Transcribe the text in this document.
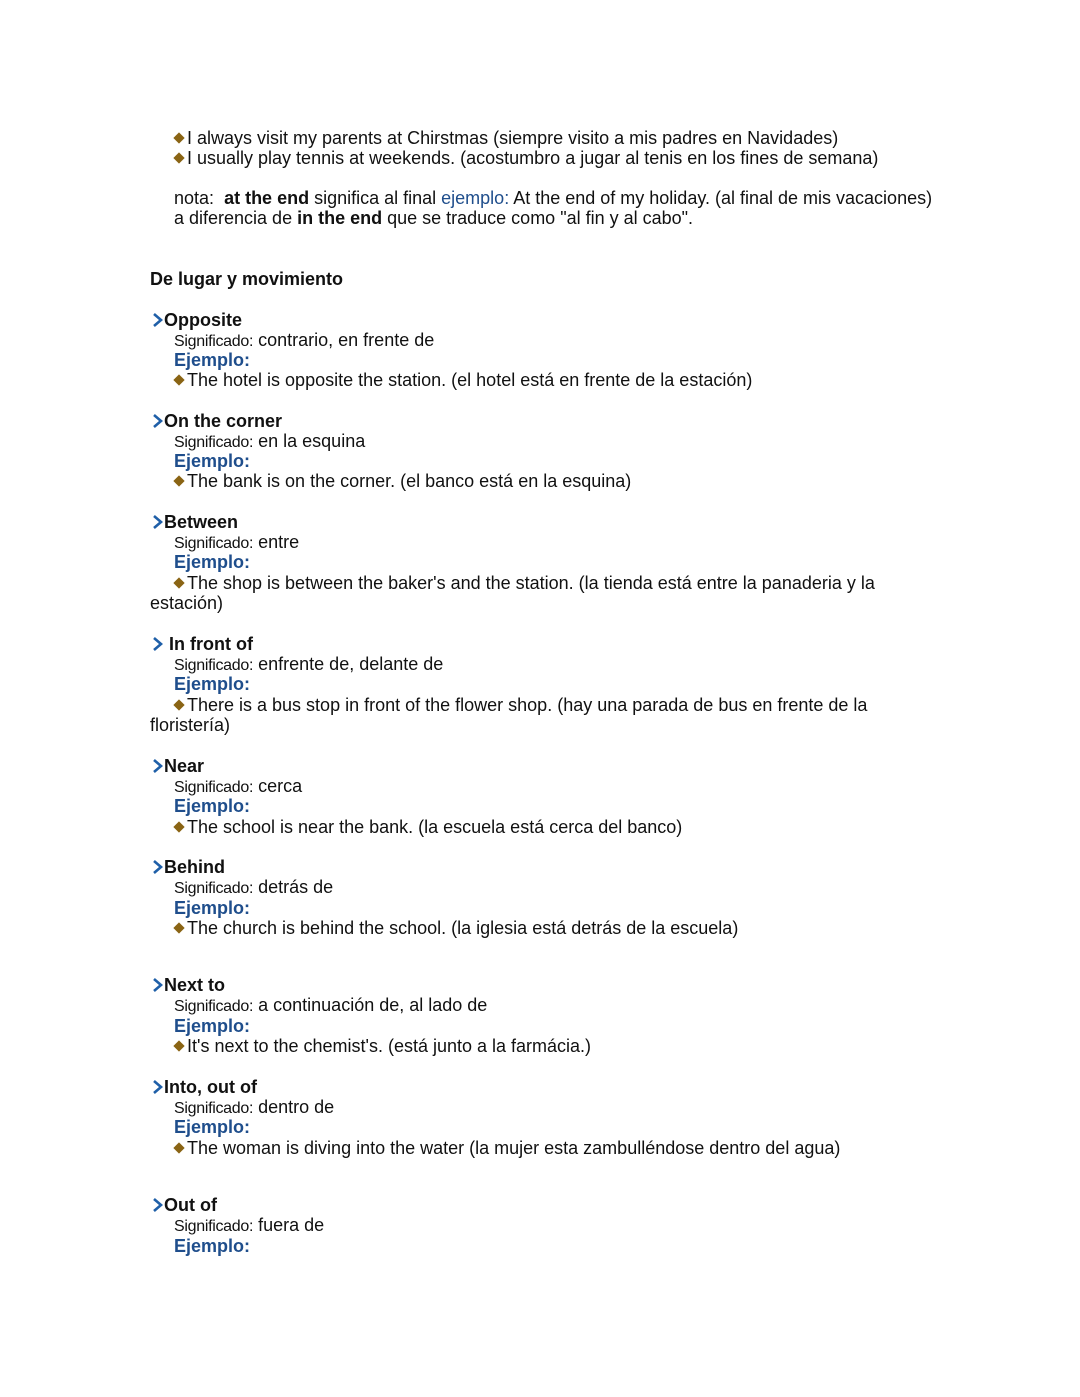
I always visit my parents at Chirstmas (siempre visito a mis padres en Navidades)
I usually play tennis at weekends. (acostumbro a jugar al tenis en los fines de semana)
nota: at the end significa al final ejemplo: At the end of my holiday. (al final de mis vacaciones)
a diferencia de in the end que se traduce como "al fin y al cabo".
De lugar y movimiento
Opposite
Significado: contrario, en frente de
Ejemplo:
The hotel is opposite the station. (el hotel está en frente de la estación)
On the corner
Significado: en la esquina
Ejemplo:
The bank is on the corner. (el banco está en la esquina)
Between
Significado: entre
Ejemplo:
The shop is between the baker's and the station. (la tienda está entre la panaderia y la
estación)
In front of
Significado: enfrente de, delante de
Ejemplo:
There is a bus stop in front of the flower shop. (hay una parada de bus en frente de la
floristería)
Near
Significado: cerca
Ejemplo:
The school is near the bank. (la escuela está cerca del banco)
Behind
Significado: detrás de
Ejemplo:
The church is behind the school. (la iglesia está detrás de la escuela)
Next to
Significado: a continuación de, al lado de
Ejemplo:
It's next to the chemist's. (está junto a la farmácia.)
Into, out of
Significado: dentro de
Ejemplo:
The woman is diving into the water (la mujer esta zambulléndose dentro del agua)
Out of
Significado: fuera de
Ejemplo:
